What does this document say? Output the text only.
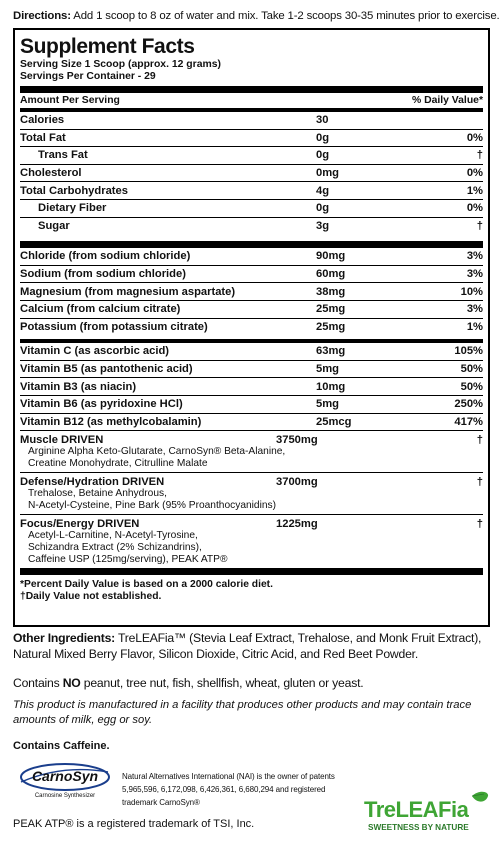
Directions: Add 1 scoop to 8 oz of water and mix. Take 1-2 scoops 30-35 minutes prior to exercise.
Supplement Facts
Serving Size 1 Scoop (approx. 12 grams)
Servings Per Container - 29
Amount Per Serving	% Daily Value*
Calories	30
Total Fat	0g	0%
Trans Fat	0g	†
Cholesterol	0mg	0%
Total Carbohydrates	4g	1%
Dietary Fiber	0g	0%
Sugar	3g	†
Chloride (from sodium chloride)	90mg	3%
Sodium (from sodium chloride)	60mg	3%
Magnesium (from magnesium aspartate)	38mg	10%
Calcium (from calcium citrate)	25mg	3%
Potassium (from potassium citrate)	25mg	1%
Vitamin C (as ascorbic acid)	63mg	105%
Vitamin B5 (as pantothenic acid)	5mg	50%
Vitamin B3 (as niacin)	10mg	50%
Vitamin B6 (as pyridoxine HCl)	5mg	250%
Vitamin B12 (as methylcobalamin)	25mcg	417%
Muscle DRIVEN	3750mg	†
Arginine Alpha Keto-Glutarate, CarnoSyn® Beta-Alanine,
Creatine Monohydrate, Citrulline Malate
Defense/Hydration DRIVEN	3700mg	†
Trehalose, Betaine Anhydrous,
N-Acetyl-Cysteine, Pine Bark (95% Proanthocyanidins)
Focus/Energy DRIVEN	1225mg	†
Acetyl-L-Carnitine, N-Acetyl-Tyrosine,
Schizandra Extract (2% Schizandrins),
Caffeine USP (125mg/serving), PEAK ATP®
*Percent Daily Value is based on a 2000 calorie diet.
†Daily Value not established.
Other Ingredients: TreLEAFia™ (Stevia Leaf Extract, Trehalose, and Monk Fruit Extract), Natural Mixed Berry Flavor, Silicon Dioxide, Citric Acid, and Red Beet Powder.
Contains NO peanut, tree nut, fish, shellfish, wheat, gluten or yeast.
This product is manufactured in a facility that produces other products and may contain trace amounts of milk, egg or soy.
Contains Caffeine.
CarnoSyn
Carnosine Synthesizer
Natural Alternatives International (NAI) is the owner of patents 5,965,596, 6,172,098, 6,426,361, 6,680,294 and registered trademark CarnoSyn®	TreLEAFia
SWEETNESS BY NATURE
PEAK ATP® is a registered trademark of TSI, Inc.
